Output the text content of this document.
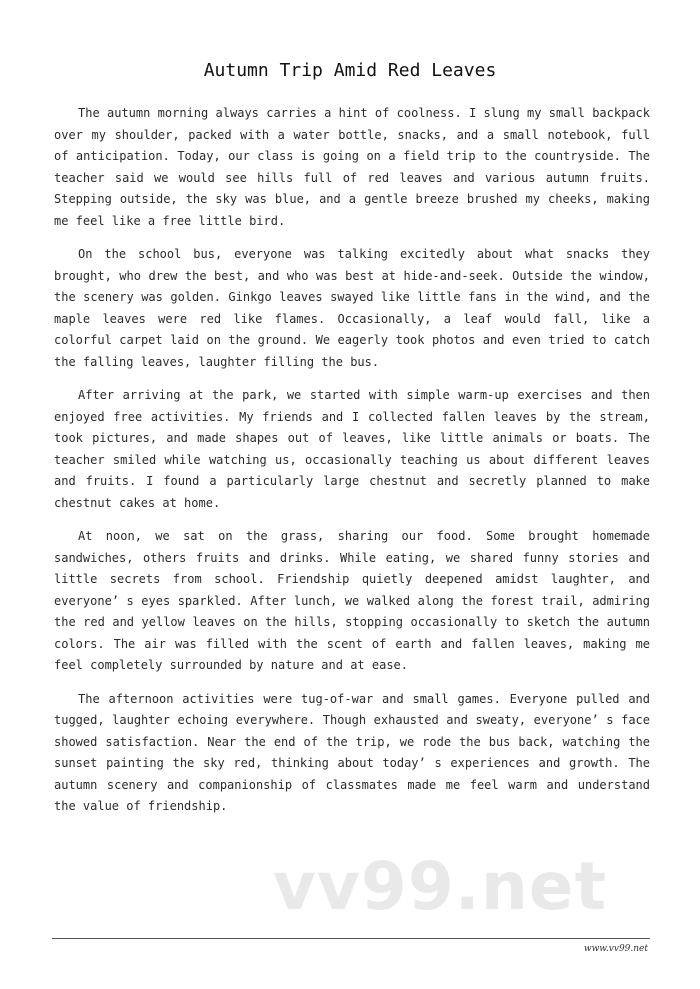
vv99.net
Autumn Trip Amid Red Leaves

The autumn morning always carries a hint of coolness. I slung my small backpack over my shoulder, packed with a water bottle, snacks, and a small notebook, full of anticipation. Today, our class is going on a field trip to the countryside. The teacher said we would see hills full of red leaves and various autumn fruits. Stepping outside, the sky was blue, and a gentle breeze brushed my cheeks, making me feel like a free little bird.

On the school bus, everyone was talking excitedly about what snacks they brought, who drew the best, and who was best at hide-and-seek. Outside the window, the scenery was golden. Ginkgo leaves swayed like little fans in the wind, and the maple leaves were red like flames. Occasionally, a leaf would fall, like a colorful carpet laid on the ground. We eagerly took photos and even tried to catch the falling leaves, laughter filling the bus.

After arriving at the park, we started with simple warm-up exercises and then enjoyed free activities. My friends and I collected fallen leaves by the stream, took pictures, and made shapes out of leaves, like little animals or boats. The teacher smiled while watching us, occasionally teaching us about different leaves and fruits. I found a particularly large chestnut and secretly planned to make chestnut cakes at home.

At noon, we sat on the grass, sharing our food. Some brought homemade sandwiches, others fruits and drinks. While eating, we shared funny stories and little secrets from school. Friendship quietly deepened amidst laughter, and everyone’ s eyes sparkled. After lunch, we walked along the forest trail, admiring the red and yellow leaves on the hills, stopping occasionally to sketch the autumn colors. The air was filled with the scent of earth and fallen leaves, making me feel completely surrounded by nature and at ease.

The afternoon activities were tug-of-war and small games. Everyone pulled and tugged, laughter echoing everywhere. Though exhausted and sweaty, everyone’ s face showed satisfaction. Near the end of the trip, we rode the bus back, watching the sunset painting the sky red, thinking about today’ s experiences and growth. The autumn scenery and companionship of classmates made me feel warm and understand the value of friendship.

www.vv99.net
